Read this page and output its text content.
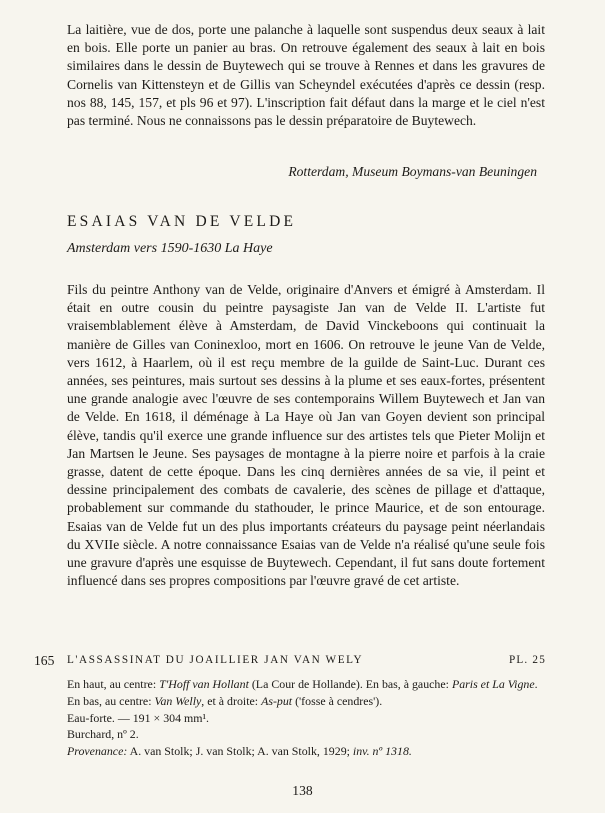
La laitière, vue de dos, porte une palanche à laquelle sont suspendus deux seaux à lait en bois. Elle porte un panier au bras. On retrouve également des seaux à lait en bois similaires dans le dessin de Buytewech qui se trouve à Rennes et dans les gravures de Cornelis van Kittensteyn et de Gillis van Scheyndel exécutées d'après ce dessin (resp. nos 88, 145, 157, et pls 96 et 97). L'inscription fait défaut dans la marge et le ciel n'est pas terminé. Nous ne connaissons pas le dessin préparatoire de Buytewech.

Rotterdam, Museum Boymans-van Beuningen
ESAIAS VAN DE VELDE
Amsterdam vers 1590-1630 La Haye

Fils du peintre Anthony van de Velde, originaire d'Anvers et émigré à Amsterdam. Il était en outre cousin du peintre paysagiste Jan van de Velde II. L'artiste fut vraisemblablement élève à Amsterdam, de David Vinckeboons qui continuait la manière de Gilles van Coninexloo, mort en 1606. On retrouve le jeune Van de Velde, vers 1612, à Haarlem, où il est reçu membre de la guilde de Saint-Luc. Durant ces années, ses peintures, mais surtout ses dessins à la plume et ses eaux-fortes, présentent une grande analogie avec l'œuvre de ses contemporains Willem Buytewech et Jan van de Velde. En 1618, il déménage à La Haye où Jan van Goyen devient son principal élève, tandis qu'il exerce une grande influence sur des artistes tels que Pieter Molijn et Jan Martsen le Jeune. Ses paysages de montagne à la pierre noire et parfois à la craie grasse, datent de cette époque. Dans les cinq dernières années de sa vie, il peint et dessine principalement des combats de cavalerie, des scènes de pillage et d'attaque, probablement sur commande du stathouder, le prince Maurice, et de son entourage. Esaias van de Velde fut un des plus importants créateurs du paysage peint néerlandais du XVIIe siècle. A notre connaissance Esaias van de Velde n'a réalisé qu'une seule fois une gravure d'après une esquisse de Buytewech. Cependant, il fut sans doute fortement influencé dans ses propres compositions par l'œuvre gravé de cet artiste.

165 L'ASSASSINAT DU JOAILLIER JAN VAN WELY	PL. 25
En haut, au centre: T'Hoff van Hollant (La Cour de Hollande). En bas, à gauche: Paris et La Vigne. En bas, au centre: Van Welly, et à droite: As-put ('fosse à cendres').
Eau-forte. — 191 × 304 mm¹.
Burchard, nº 2.
Provenance: A. van Stolk; J. van Stolk; A. van Stolk, 1929; inv. nº 1318.
138
